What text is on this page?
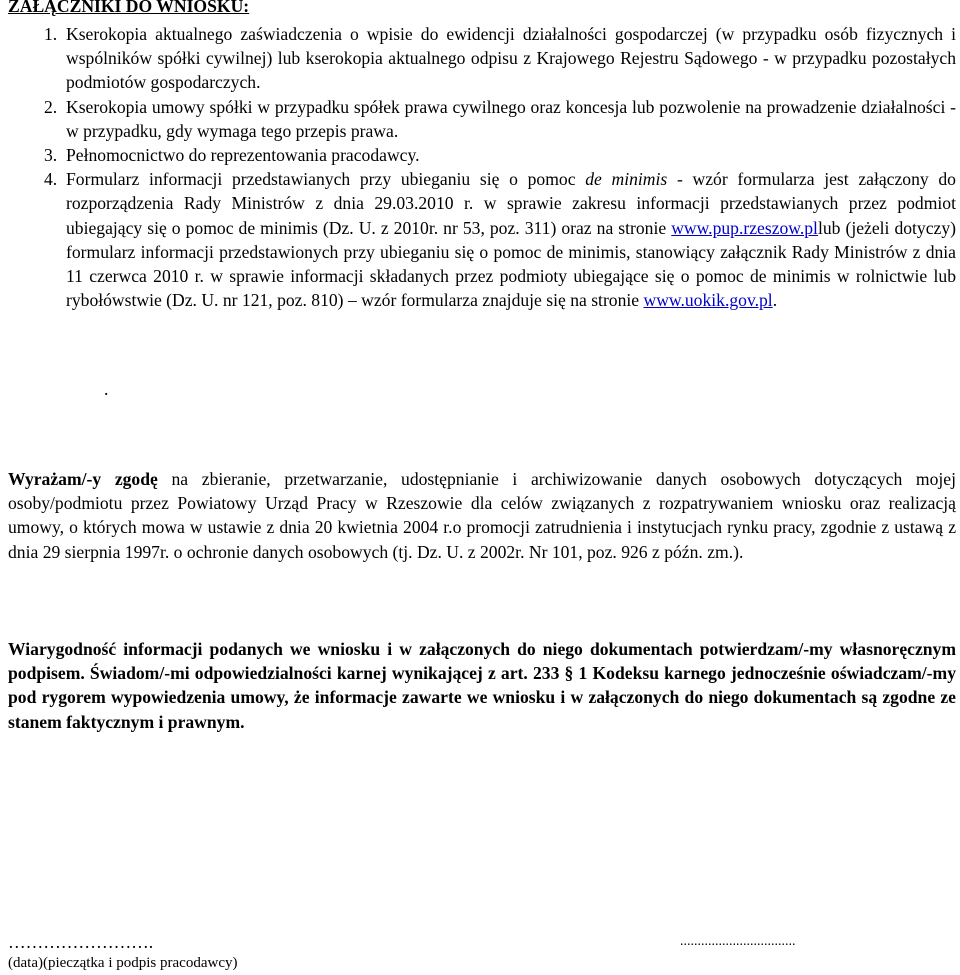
ZAŁĄCZNIKI DO WNIOSKU:
1. Kserokopia aktualnego zaświadczenia o wpisie do ewidencji działalności gospodarczej (w przypadku osób fizycznych i wspólników spółki cywilnej) lub kserokopia aktualnego odpisu z Krajowego Rejestru Sądowego - w przypadku pozostałych podmiotów gospodarczych.
2. Kserokopia umowy spółki w przypadku spółek prawa cywilnego oraz koncesja lub pozwolenie na prowadzenie działalności - w przypadku, gdy wymaga tego przepis prawa.
3. Pełnomocnictwo do reprezentowania pracodawcy.
4. Formularz informacji przedstawianych przy ubieganiu się o pomoc de minimis - wzór formularza jest załączony do rozporządzenia Rady Ministrów z dnia 29.03.2010 r. w sprawie zakresu informacji przedstawianych przez podmiot ubiegający się o pomoc de minimis (Dz. U. z 2010r. nr 53, poz. 311) oraz na stronie www.pup.rzeszow.pllub (jeżeli dotyczy) formularz informacji przedstawionych przy ubieganiu się o pomoc de minimis, stanowiący załącznik Rady Ministrów z dnia 11 czerwca 2010 r. w sprawie informacji składanych przez podmioty ubiegające się o pomoc de minimis w rolnictwie lub rybołówstwie (Dz. U. nr 121, poz. 810) – wzór formularza znajduje się na stronie www.uokik.gov.pl.
.
Wyrażam/-y zgodę na zbieranie, przetwarzanie, udostępnianie i archiwizowanie danych osobowych dotyczących mojej osoby/podmiotu przez Powiatowy Urząd Pracy w Rzeszowie dla celów związanych z rozpatrywaniem wniosku oraz realizacją umowy, o których mowa w ustawie z dnia 20 kwietnia 2004 r.o promocji zatrudnienia i instytucjach rynku pracy, zgodnie z ustawą z dnia 29 sierpnia 1997r. o ochronie danych osobowych (tj. Dz. U. z 2002r. Nr 101, poz. 926 z późn. zm.).
Wiarygodność informacji podanych we wniosku i w załączonych do niego dokumentach potwierdzam/-my własnoręcznym podpisem. Świadom/-mi odpowiedzialności karnej wynikającej z art. 233 § 1 Kodeksu karnego jednocześnie oświadczam/-my pod rygorem wypowiedzenia umowy, że informacje zawarte we wniosku i w załączonych do niego dokumentach są zgodne ze stanem faktycznym i prawnym.
…………………….	.................................
(data)(pieczątka i podpis pracodawcy)
